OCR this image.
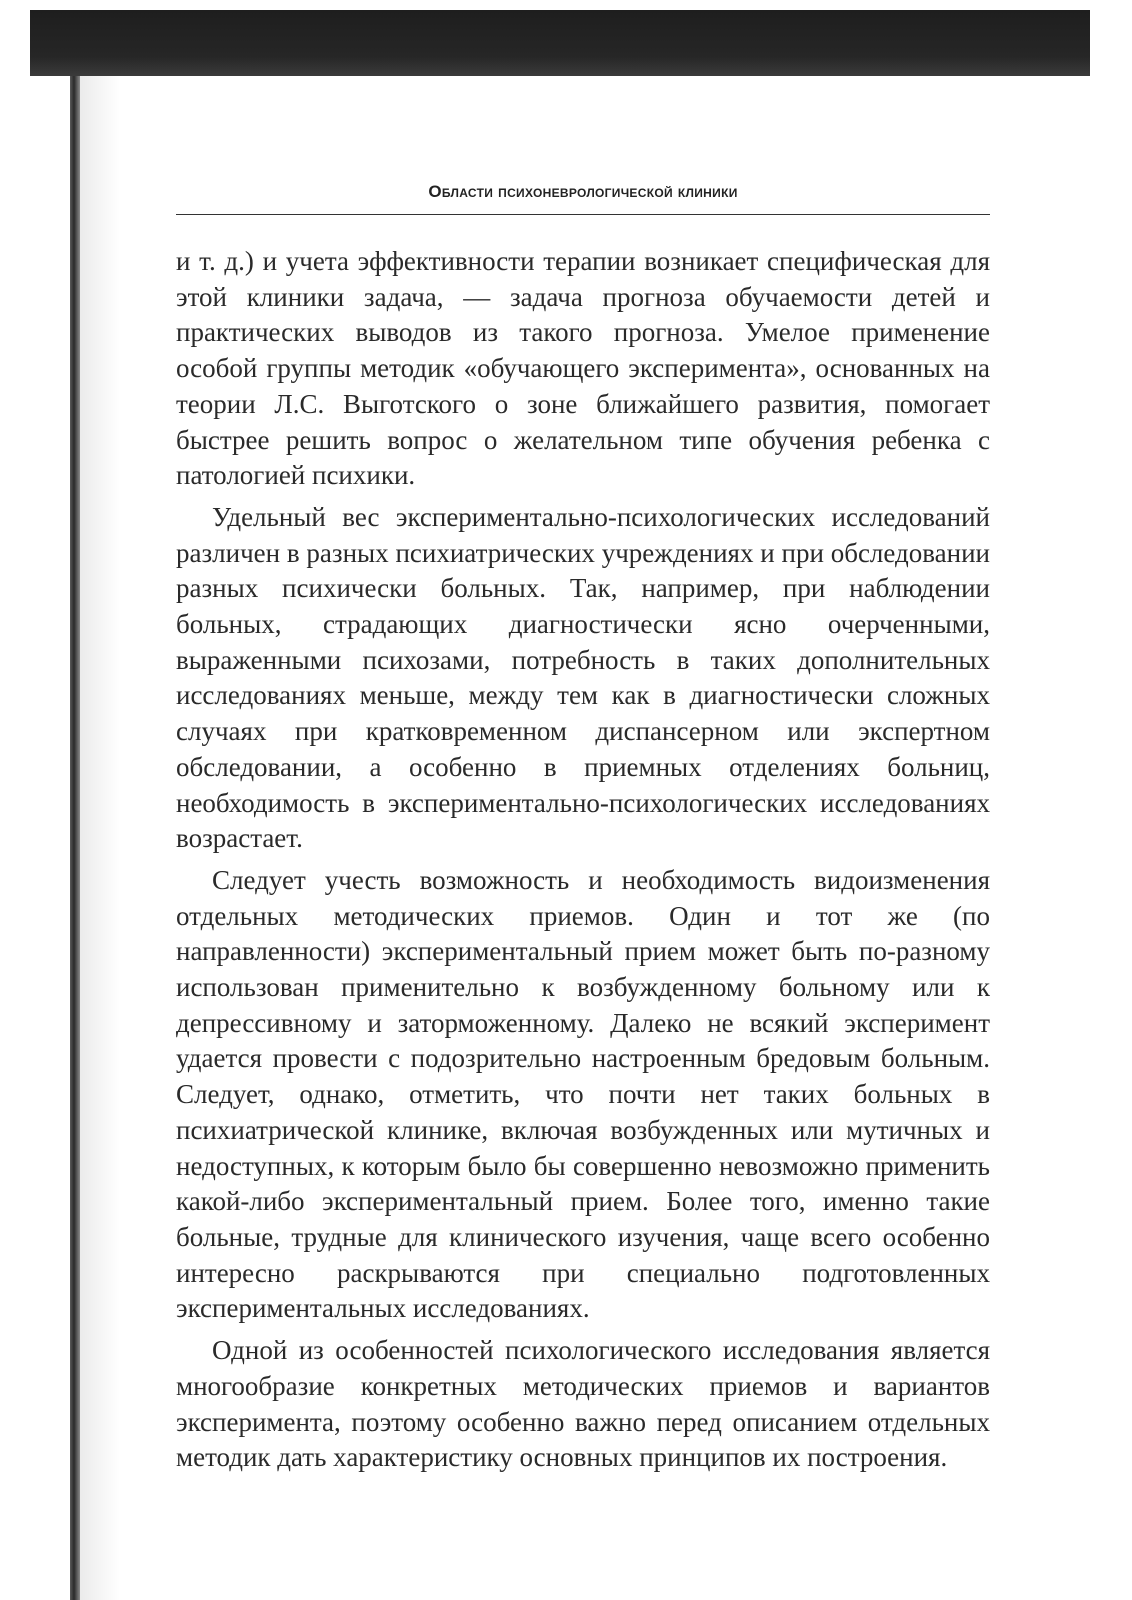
Области психоневрологической клиники

и т. д.) и учета эффективности терапии возникает специфическая для этой клиники задача, — задача прогноза обучаемости детей и практических выводов из такого прогноза. Умелое применение особой группы методик «обучающего эксперимента», основанных на теории Л.С. Выготского о зоне ближайшего развития, помогает быстрее решить вопрос о желательном типе обучения ребенка с патологией психики.

Удельный вес экспериментально-психологических исследований различен в разных психиатрических учреждениях и при обследовании разных психически больных. Так, например, при наблюдении больных, страдающих диагностически ясно очерченными, выраженными психозами, потребность в таких дополнительных исследованиях меньше, между тем как в диагностически сложных случаях при кратковременном диспансерном или экспертном обследовании, а особенно в приемных отделениях больниц, необходимость в экспериментально-психологических исследованиях возрастает.

Следует учесть возможность и необходимость видоизменения отдельных методических приемов. Один и тот же (по направленности) экспериментальный прием может быть по-разному использован применительно к возбужденному больному или к депрессивному и заторможенному. Далеко не всякий эксперимент удается провести с подозрительно настроенным бредовым больным. Следует, однако, отметить, что почти нет таких больных в психиатрической клинике, включая возбужденных или мутичных и недоступных, к которым было бы совершенно невозможно применить какой-либо экспериментальный прием. Более того, именно такие больные, трудные для клинического изучения, чаще всего особенно интересно раскрываются при специально подготовленных экспериментальных исследованиях.

Одной из особенностей психологического исследования является многообразие конкретных методических приемов и вариантов эксперимента, поэтому особенно важно перед описанием отдельных методик дать характеристику основных принципов их построения.
